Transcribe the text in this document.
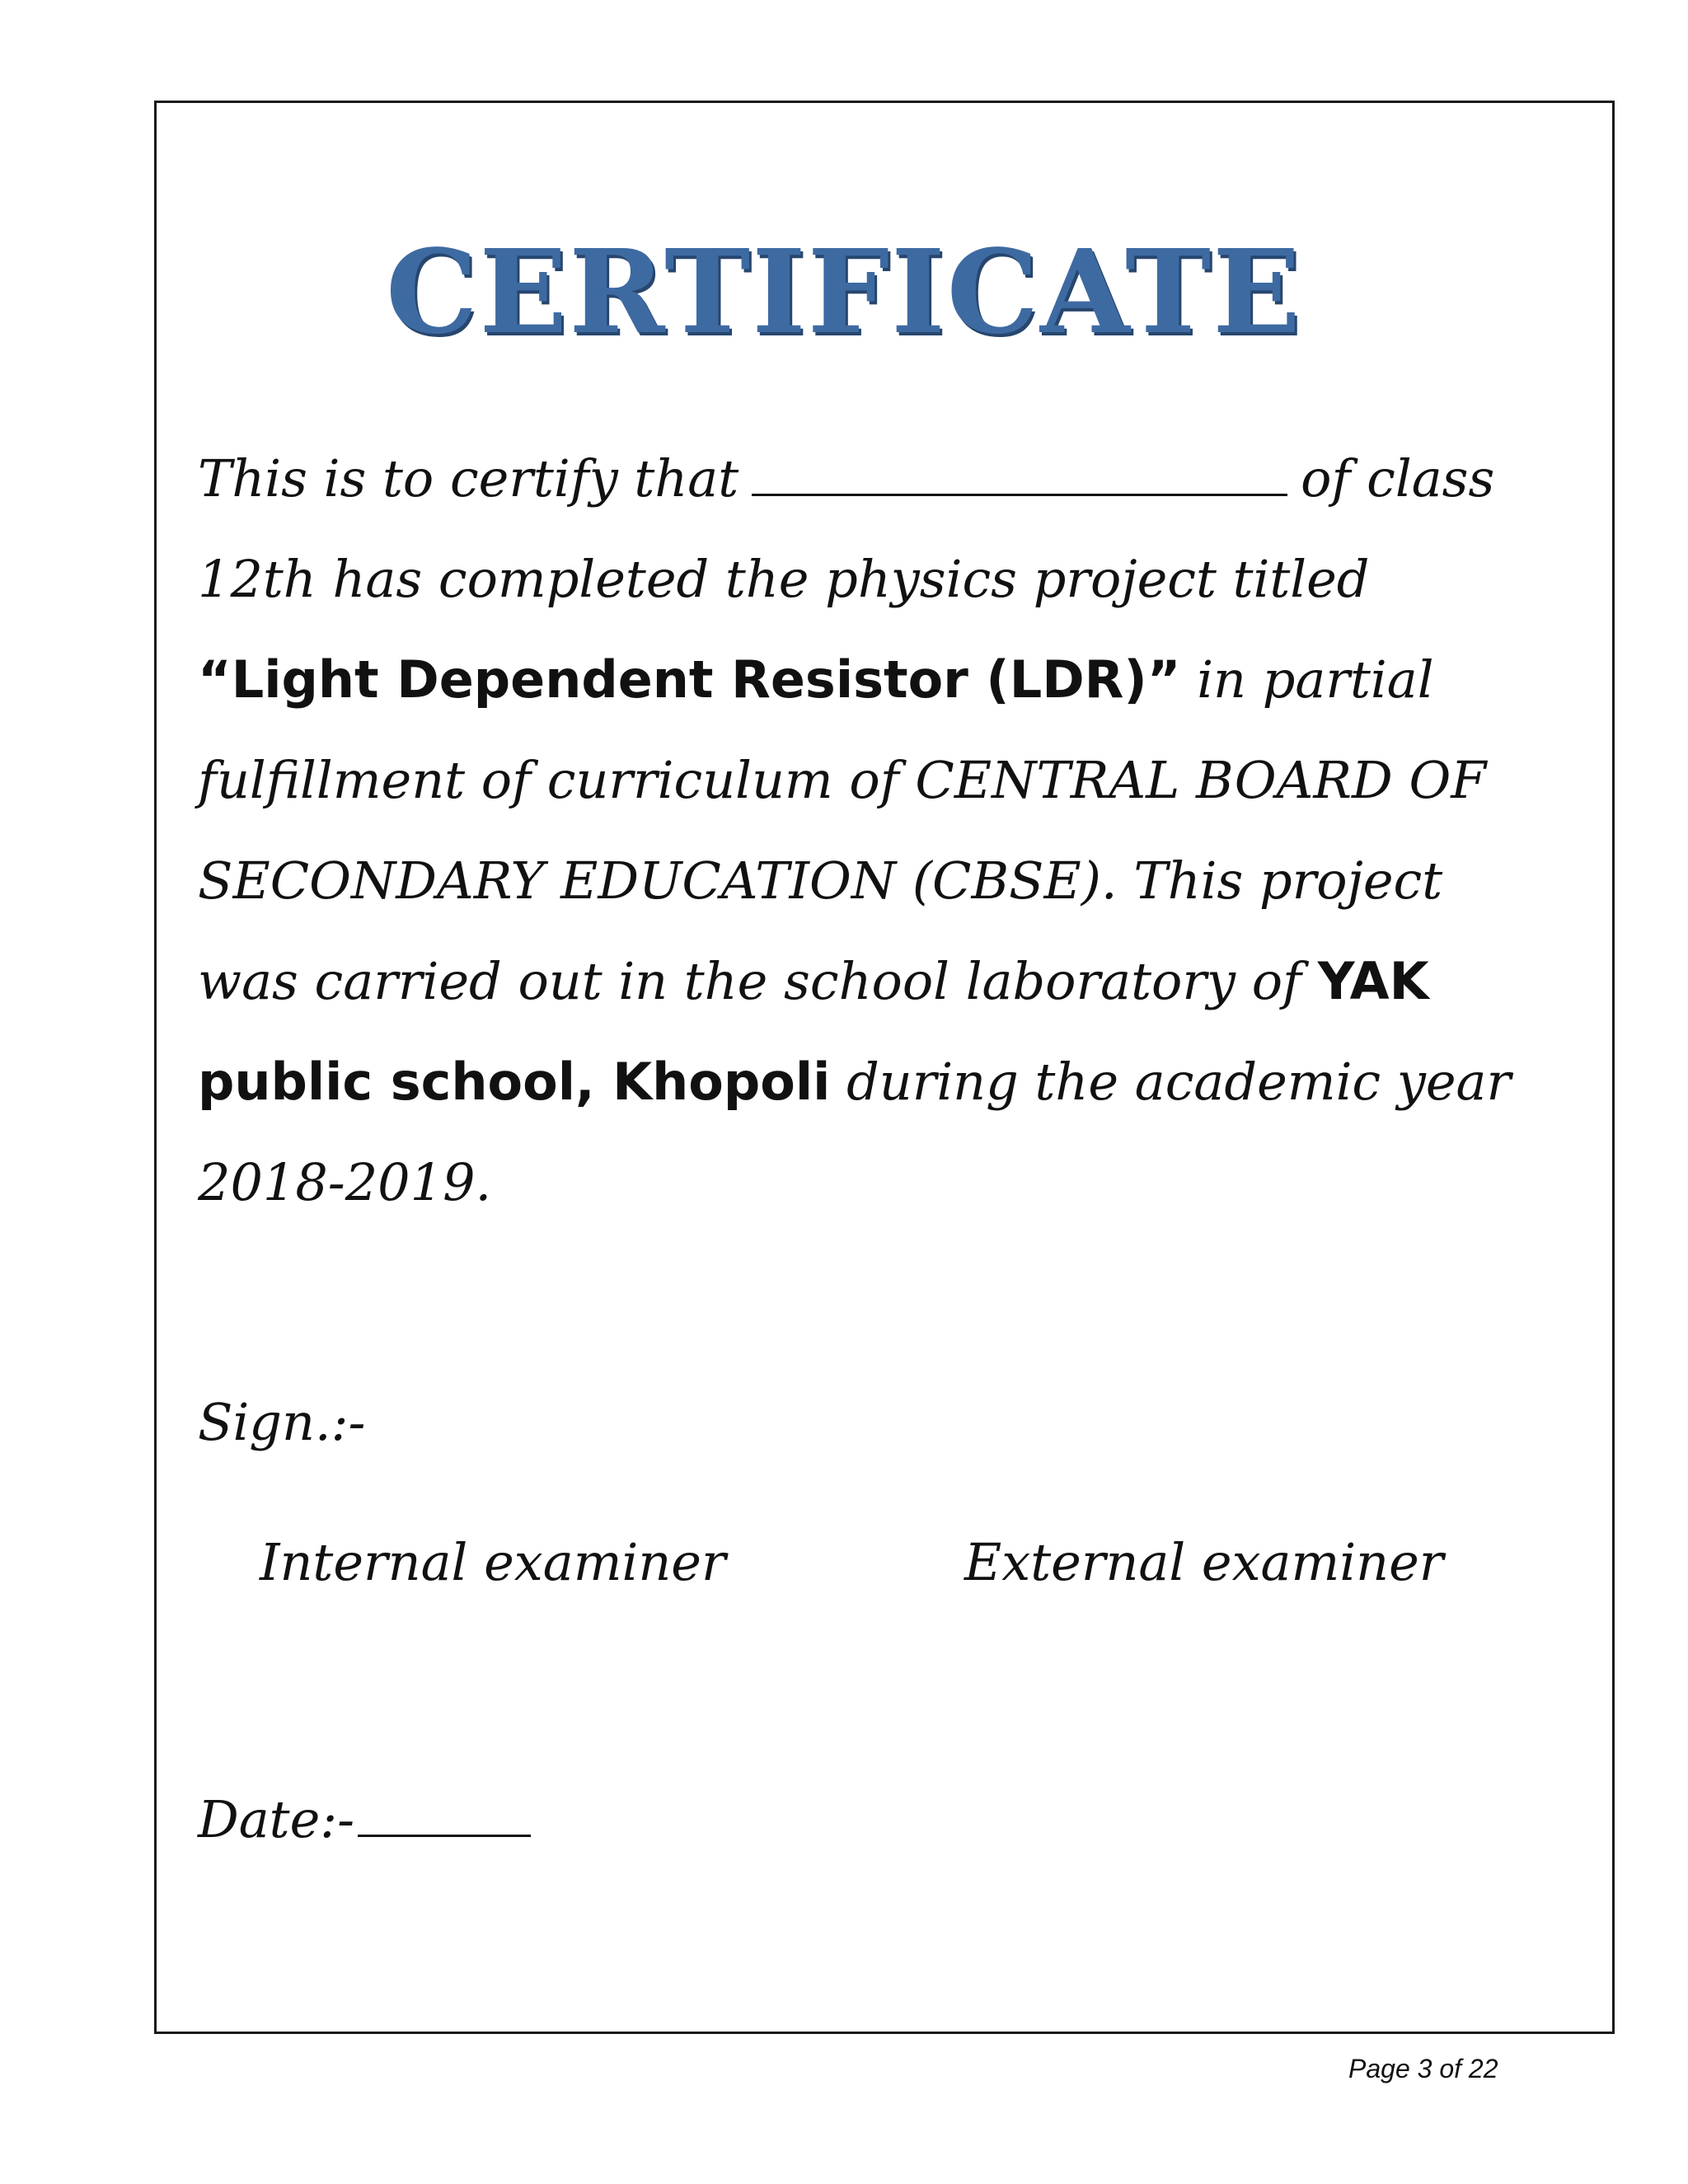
CERTIFICATE
This is to certify that	of class
12th has completed the physics project titled
“Light Dependent Resistor (LDR)” in partial
fulfillment of curriculum of CENTRAL BOARD OF
SECONDARY EDUCATION (CBSE). This project
was carried out in the school laboratory of YAK
public school, Khopoli during the academic year
2018-2019.
Sign.:-
Internal examiner	External examiner
Date:-
Page 3 of 22
